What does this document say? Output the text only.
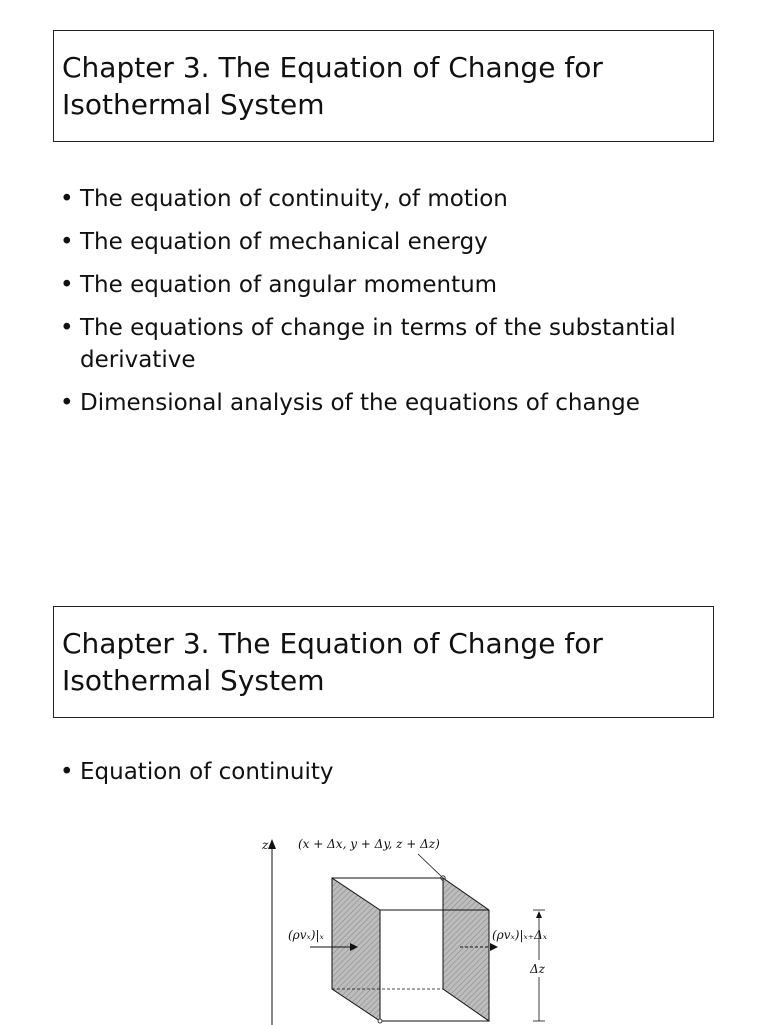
Chapter 3. The Equation of Change for
Isothermal System
• The equation of continuity, of motion
• The equation of mechanical energy
• The equation of angular momentum
• The equations of change in terms of the substantial derivative
• Dimensional analysis of the equations of change
Chapter 3. The Equation of Change for
Isothermal System
• Equation of continuity
z (x + Δx, y + Δy, z + Δz)
(ρvₓ)|ₓ	(ρvₓ)|ₓ₊Δₓ
Δz
